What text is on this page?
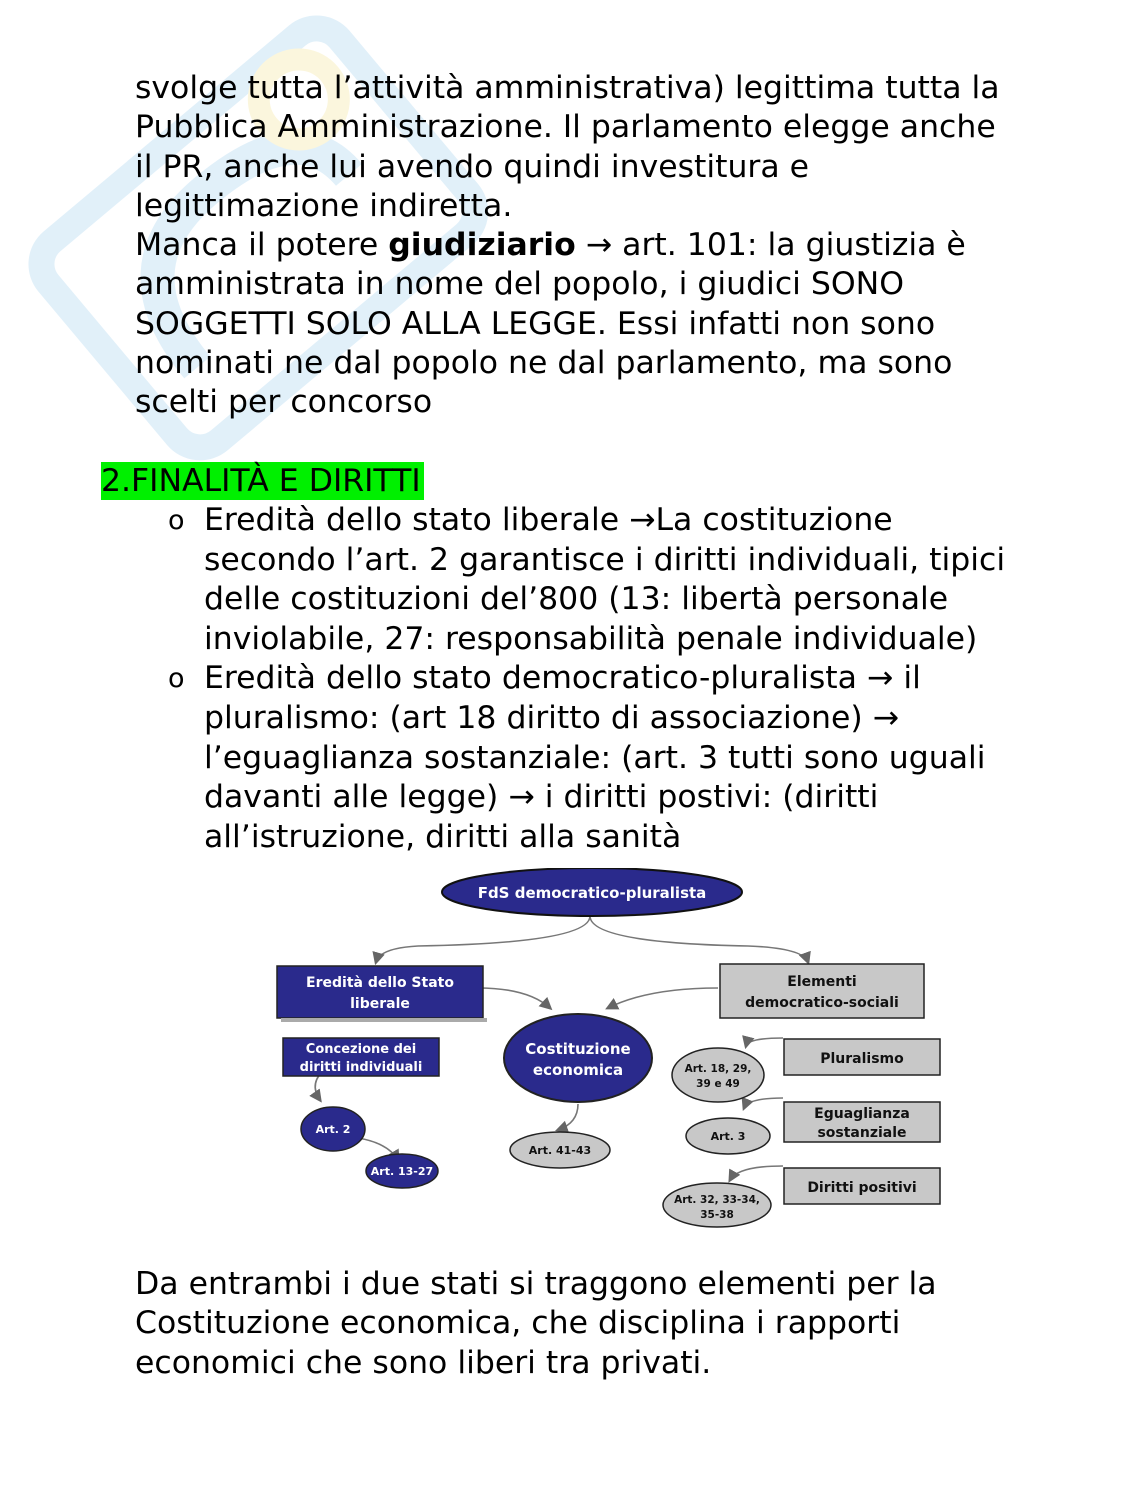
svolge tutta l’attività amministrativa) legittima tutta la
Pubblica Amministrazione. Il parlamento elegge anche
il PR, anche lui avendo quindi investitura e
legittimazione indiretta.
Manca il potere giudiziario → art. 101: la giustizia è
amministrata in nome del popolo, i giudici SONO
SOGGETTI SOLO ALLA LEGGE. Essi infatti non sono
nominati ne dal popolo ne dal parlamento, ma sono
scelti per concorso
2.FINALITÀ E DIRITTI
o Eredità dello stato liberale →La costituzione
secondo l’art. 2 garantisce i diritti individuali, tipici
delle costituzioni del’800 (13: libertà personale
inviolabile, 27: responsabilità penale individuale)
o Eredità dello stato democratico-pluralista → il
pluralismo: (art 18 diritto di associazione) →
l’eguaglianza sostanziale: (art. 3 tutti sono uguali
davanti alle legge) → i diritti postivi: (diritti
all’istruzione, diritti alla sanità
FdS democratico-pluralista
Eredità dello Stato
liberale
Elementi
democratico-sociali
Concezione dei
diritti individuali
Costituzione
economica
Art. 2
Art. 13-27
Art. 41-43
Art. 18, 29,
39 e 49
Pluralismo
Art. 3
Eguaglianza
sostanziale
Art. 32, 33-34,
35-38
Diritti positivi
Da entrambi i due stati si traggono elementi per la
Costituzione economica, che disciplina i rapporti
economici che sono liberi tra privati.
